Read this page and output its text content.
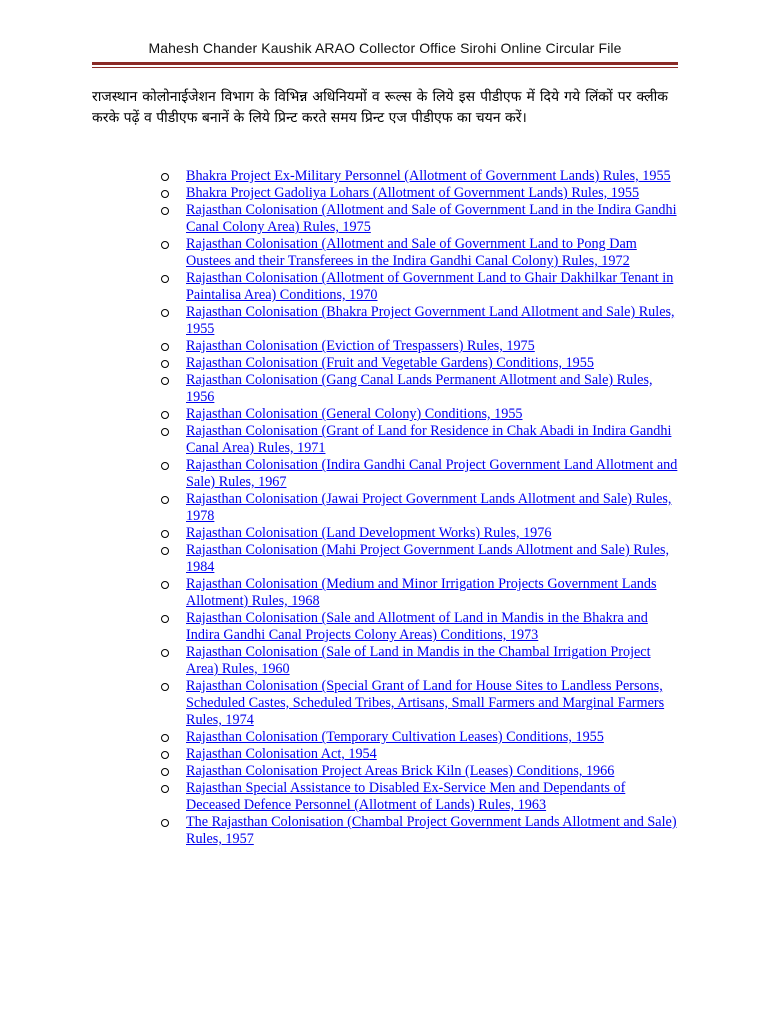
Mahesh Chander Kaushik ARAO Collector Office Sirohi Online Circular File
राजस्थान कोलोनाईजेशन विभाग के विभिन्न अधिनियमों व रूल्स के लिये इस पीडीएफ में दिये गये लिंकों पर क्लीक करके पढ़ें व पीडीएफ बनानें के लिये प्रिन्ट करते समय प्रिन्ट एज पीडीएफ का चयन करें।
Bhakra Project Ex-Military Personnel (Allotment of Government Lands) Rules, 1955
Bhakra Project Gadoliya Lohars (Allotment of Government Lands) Rules, 1955
Rajasthan Colonisation (Allotment and Sale of Government Land in the Indira Gandhi Canal Colony Area) Rules, 1975
Rajasthan Colonisation (Allotment and Sale of Government Land to Pong Dam Oustees and their Transferees in the Indira Gandhi Canal Colony) Rules, 1972
Rajasthan Colonisation (Allotment of Government Land to Ghair Dakhilkar Tenant in Paintalisa Area) Conditions, 1970
Rajasthan Colonisation (Bhakra Project Government Land Allotment and Sale) Rules, 1955
Rajasthan Colonisation (Eviction of Trespassers) Rules, 1975
Rajasthan Colonisation (Fruit and Vegetable Gardens) Conditions, 1955
Rajasthan Colonisation (Gang Canal Lands Permanent Allotment and Sale) Rules, 1956
Rajasthan Colonisation (General Colony) Conditions, 1955
Rajasthan Colonisation (Grant of Land for Residence in Chak Abadi in Indira Gandhi Canal Area) Rules, 1971
Rajasthan Colonisation (Indira Gandhi Canal Project Government Land Allotment and Sale) Rules, 1967
Rajasthan Colonisation (Jawai Project Government Lands Allotment and Sale) Rules, 1978
Rajasthan Colonisation (Land Development Works) Rules, 1976
Rajasthan Colonisation (Mahi Project Government Lands Allotment and Sale) Rules, 1984
Rajasthan Colonisation (Medium and Minor Irrigation Projects Government Lands Allotment) Rules, 1968
Rajasthan Colonisation (Sale and Allotment of Land in Mandis in the Bhakra and Indira Gandhi Canal Projects Colony Areas) Conditions, 1973
Rajasthan Colonisation (Sale of Land in Mandis in the Chambal Irrigation Project Area) Rules, 1960
Rajasthan Colonisation (Special Grant of Land for House Sites to Landless Persons, Scheduled Castes, Scheduled Tribes, Artisans, Small Farmers and Marginal Farmers Rules, 1974
Rajasthan Colonisation (Temporary Cultivation Leases) Conditions, 1955
Rajasthan Colonisation Act, 1954
Rajasthan Colonisation Project Areas Brick Kiln (Leases) Conditions, 1966
Rajasthan Special Assistance to Disabled Ex-Service Men and Dependants of Deceased Defence Personnel (Allotment of Lands) Rules, 1963
The Rajasthan Colonisation (Chambal Project Government Lands Allotment and Sale) Rules, 1957
